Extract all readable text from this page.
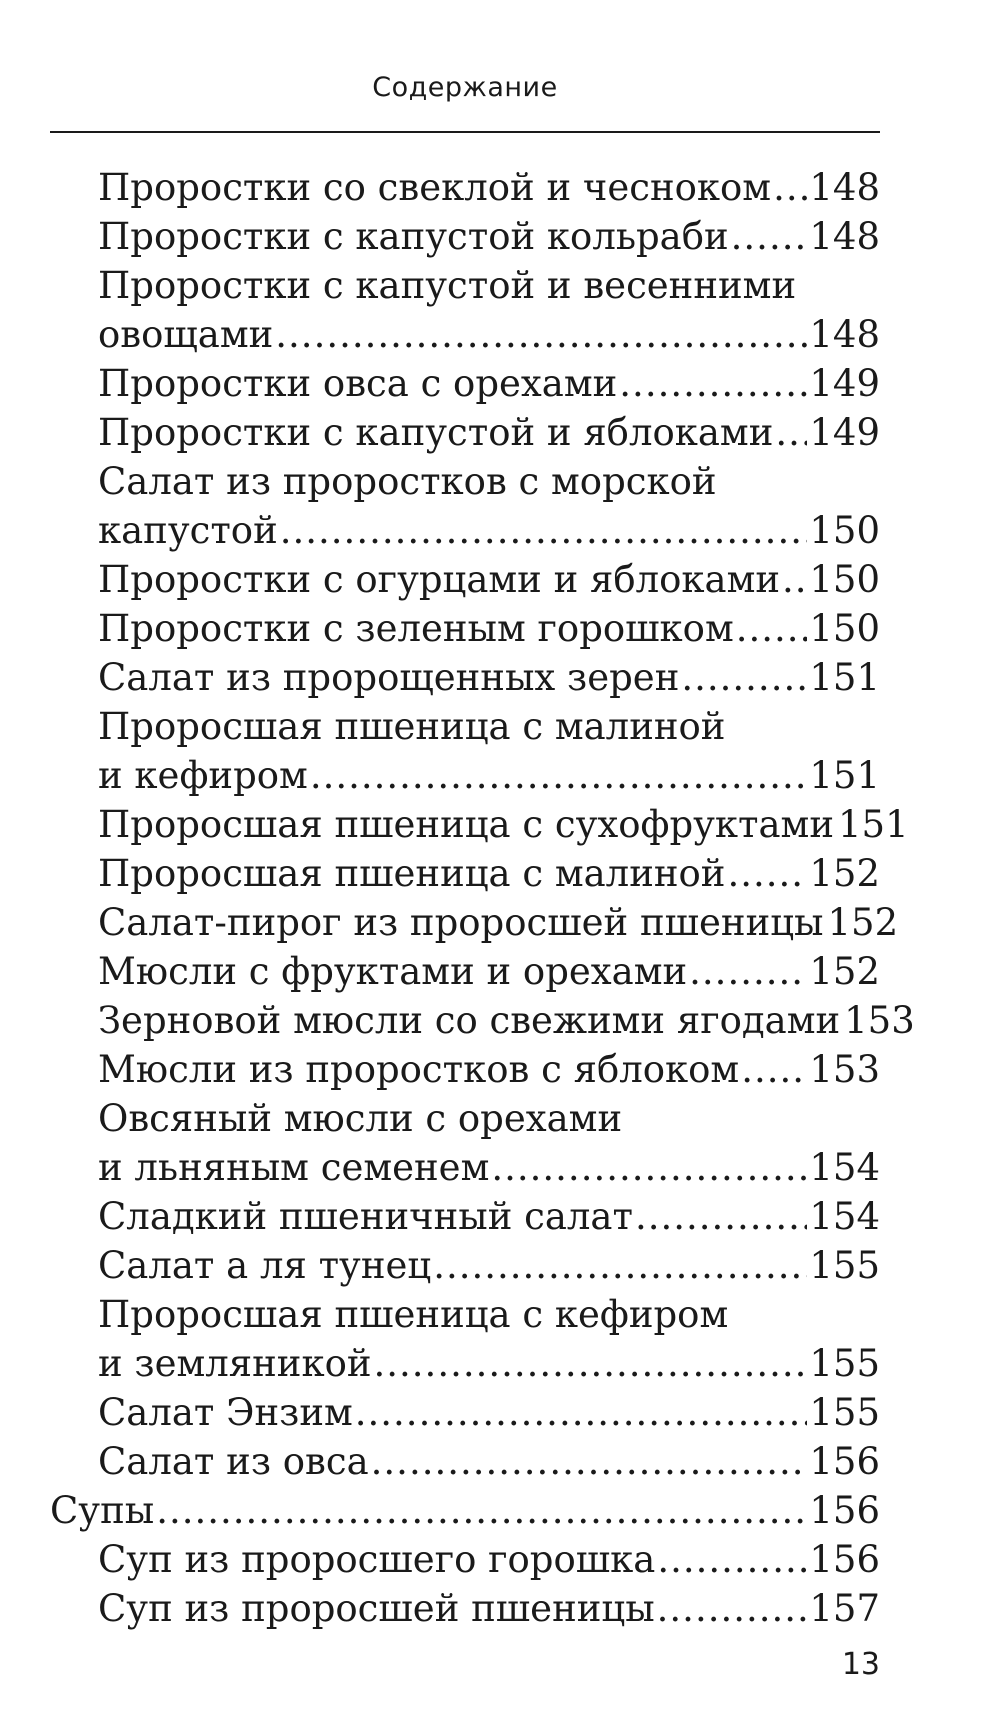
Содержание
Проростки со свеклой и чесноком ..... 148
Проростки с капустой кольраби ..... 148
Проростки с капустой и весенними
овощами .....	148
Проростки овса с орехами .....	149
Проростки с капустой и яблоками ..... 149
Салат из проростков с морской
капустой .....	150
Проростки с огурцами и яблоками ..... 150
Проростки с зеленым горошком ..... 150
Салат из пророщенных зерен .....	151
Проросшая пшеница с малиной
и кефиром .....	151
Проросшая пшеница с сухофруктами 151
Проросшая пшеница с малиной ..... 152
Салат-пирог из проросшей пшеницы 152
Мюсли с фруктами и орехами .....	152
Зерновой мюсли со свежими ягодами 153
Мюсли из проростков с яблоком ..... 153
Овсяный мюсли с орехами
и льняным семенем .....	154
Сладкий пшеничный салат .....	154
Салат а ля тунец .....	155
Проросшая пшеница с кефиром
и земляникой .....	155
Салат Энзим .....	155
Салат из овса .....	156
Супы .....	156
Суп из проросшего горошка .....	156
Суп из проросшей пшеницы .....	157
13
